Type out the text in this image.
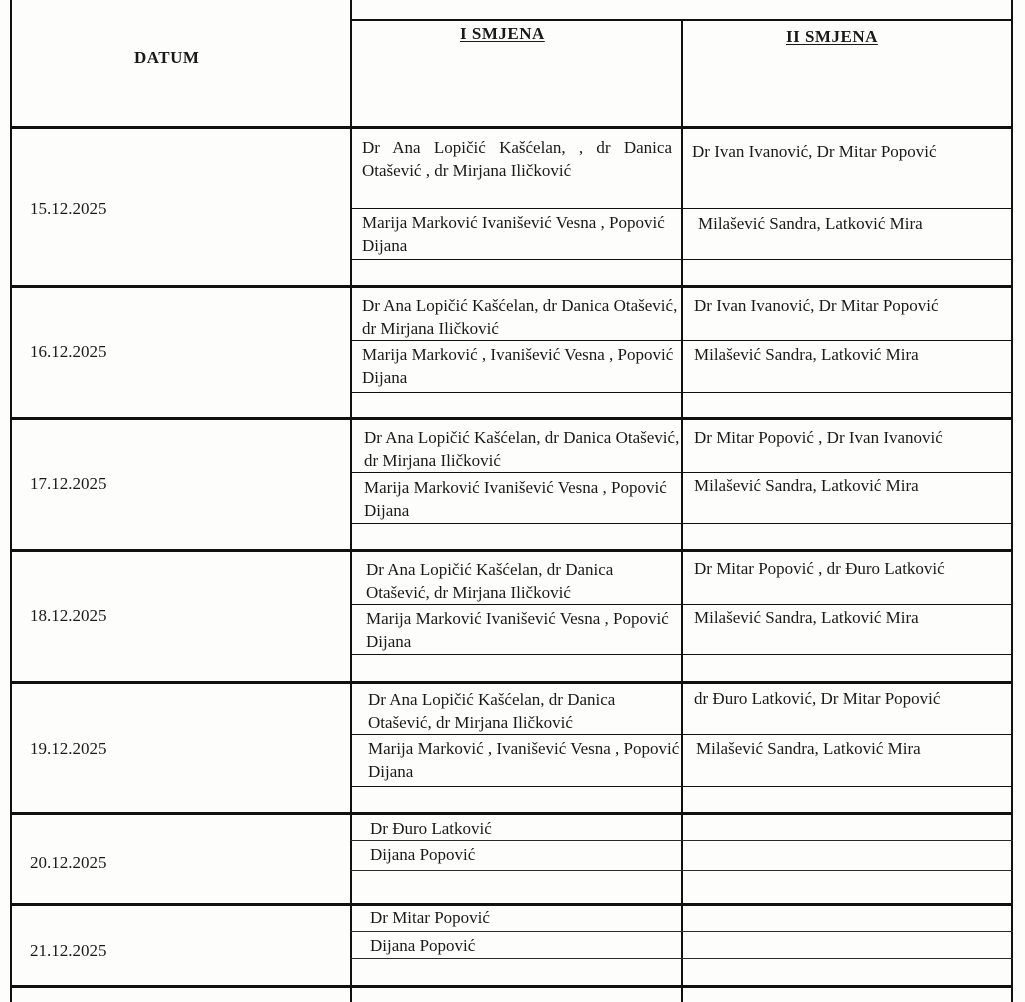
DATUM
I SMJENA	II SMJENA
15.12.2025
Dr Ana Lopičić Kašćelan, , dr Danica Otašević , dr Mirjana Iličković
Marija Marković Ivanišević Vesna , Popović Dijana
Dr Ivan Ivanović, Dr Mitar Popović
Milašević Sandra, Latković Mira
16.12.2025
Dr Ana Lopičić Kašćelan, dr Danica Otašević, dr Mirjana Iličković
Marija Marković , Ivanišević Vesna , Popović Dijana
Dr Ivan Ivanović, Dr Mitar Popović
Milašević Sandra, Latković Mira
17.12.2025
Dr Ana Lopičić Kašćelan, dr Danica Otašević, dr Mirjana Iličković
Marija Marković Ivanišević Vesna , Popović Dijana
Dr Mitar Popović , Dr Ivan Ivanović
Milašević Sandra, Latković Mira
18.12.2025
Dr Ana Lopičić Kašćelan, dr Danica Otašević, dr Mirjana Iličković
Marija Marković Ivanišević Vesna , Popović Dijana
Dr Mitar Popović , dr Đuro Latković
Milašević Sandra, Latković Mira
19.12.2025
Dr Ana Lopičić Kašćelan, dr Danica Otašević, dr Mirjana Iličković
Marija Marković , Ivanišević Vesna , Popović Dijana
dr Đuro Latković, Dr Mitar Popović
Milašević Sandra, Latković Mira
20.12.2025
Dr Đuro Latković
Dijana Popović
21.12.2025
Dr Mitar Popović
Dijana Popović
